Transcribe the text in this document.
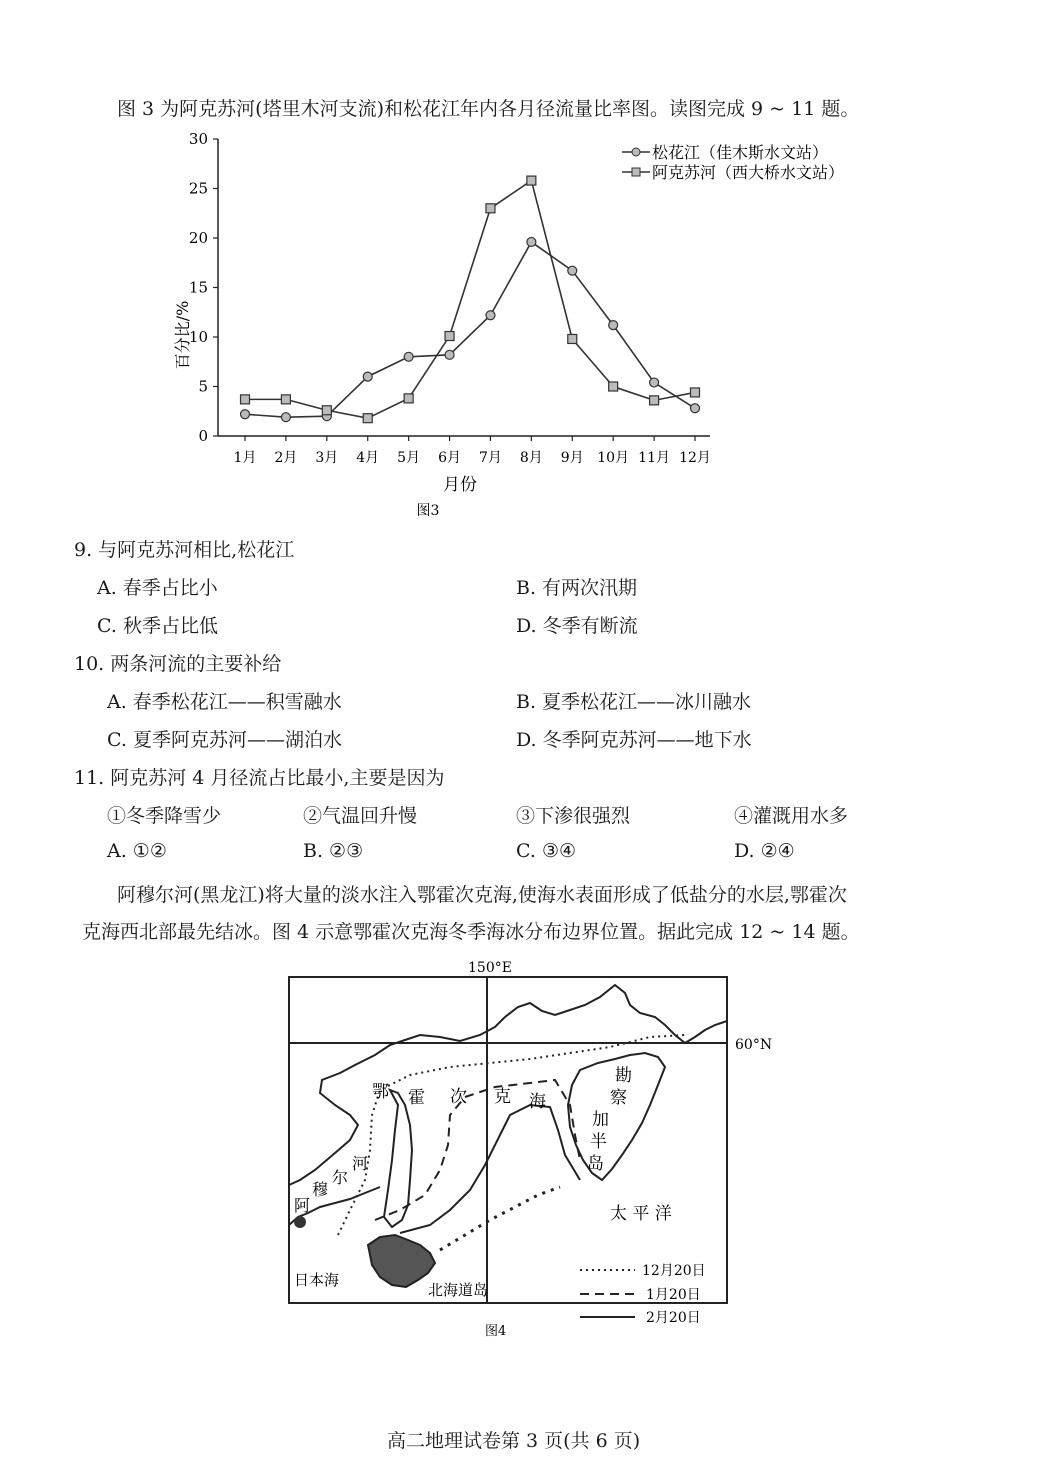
图 3 为阿克苏河(塔里木河支流)和松花江年内各月径流量比率图。读图完成 9 ~ 11 题。
0
5
10
15
20
25
30
1月 2月 3月 4月 5月 6月 7月 8月 9月 10月 11月 12月
松花江（佳木斯水文站）
阿克苏河（西大桥水文站）
百分比/%
月份
图3
9. 与阿克苏河相比,松花江
A. 春季占比小	B. 有两次汛期
C. 秋季占比低	D. 冬季有断流
10. 两条河流的主要补给
A. 春季松花江——积雪融水	B. 夏季松花江——冰川融水
C. 夏季阿克苏河——湖泊水	D. 冬季阿克苏河——地下水
11. 阿克苏河 4 月径流占比最小,主要是因为
①冬季降雪少	②气温回升慢	③下渗很强烈	④灌溉用水多
A. ①②	B. ②③	C. ③④	D. ②④
阿穆尔河(黑龙江)将大量的淡水注入鄂霍次克海,使海水表面形成了低盐分的水层,鄂霍次
克海西北部最先结冰。图 4 示意鄂霍次克海冬季海冰分布边界位置。据此完成 12 ~ 14 题。
150°E
60°N
鄂 霍 次 克 海
勘
察
加
半
岛
阿
穆
尔
河
太 平 洋
日本海
北海道岛
12月20日
1月20日
2月20日
图4
高二地理试卷第 3 页(共 6 页)
